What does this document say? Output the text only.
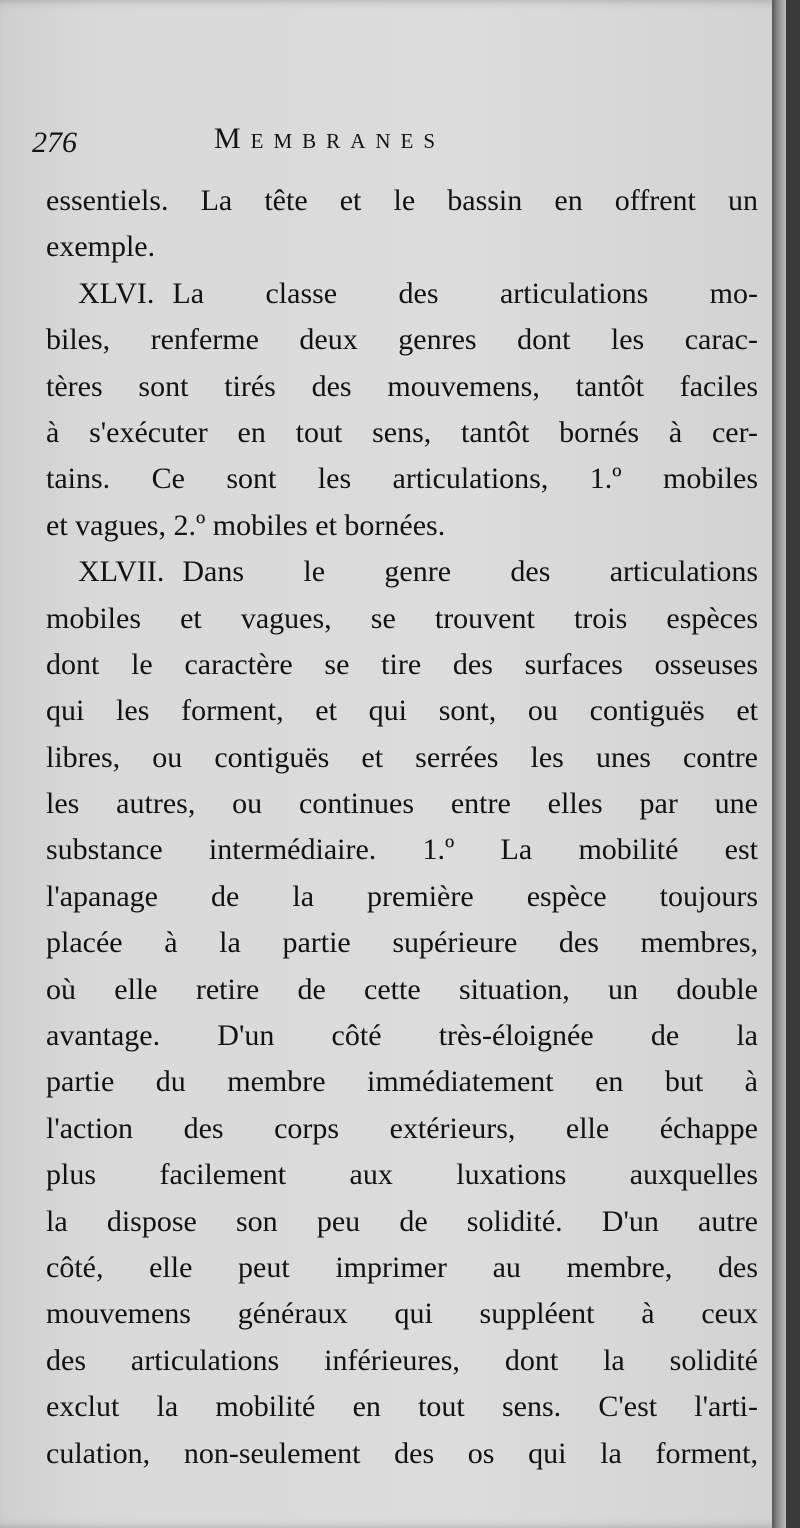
276	Membranes
essentiels. La tête et le bassin en offrent un
exemple.
XLVI. La classe des articulations mo-
biles, renferme deux genres dont les carac-
tères sont tirés des mouvemens, tantôt faciles
à s'exécuter en tout sens, tantôt bornés à cer-
tains. Ce sont les articulations, 1.º mobiles
et vagues, 2.º mobiles et bornées.
XLVII. Dans le genre des articulations
mobiles et vagues, se trouvent trois espèces
dont le caractère se tire des surfaces osseuses
qui les forment, et qui sont, ou contiguës et
libres, ou contiguës et serrées les unes contre
les autres, ou continues entre elles par une
substance intermédiaire. 1.º La mobilité est
l'apanage de la première espèce toujours
placée à la partie supérieure des membres,
où elle retire de cette situation, un double
avantage. D'un côté très-éloignée de la
partie du membre immédiatement en but à
l'action des corps extérieurs, elle échappe
plus facilement aux luxations auxquelles
la dispose son peu de solidité. D'un autre
côté, elle peut imprimer au membre, des
mouvemens généraux qui suppléent à ceux
des articulations inférieures, dont la solidité
exclut la mobilité en tout sens. C'est l'arti-
culation, non-seulement des os qui la forment,
